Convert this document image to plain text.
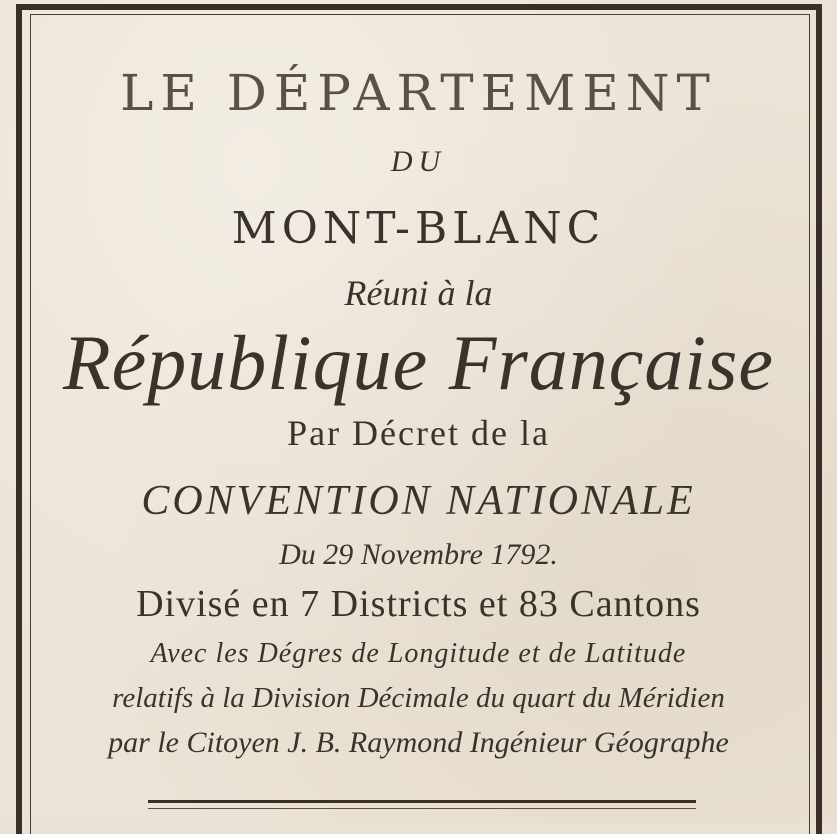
LE DÉPARTEMENT
DU
MONT-BLANC
Réuni à la
République Française
Par Décret de la
CONVENTION NATIONALE
Du 29 Novembre 1792.
Divisé en 7 Districts et 83 Cantons
Avec les Dégres de Longitude et de Latitude
relatifs à la Division Décimale du quart du Méridien
par le Citoyen J. B. Raymond Ingénieur Géographe
